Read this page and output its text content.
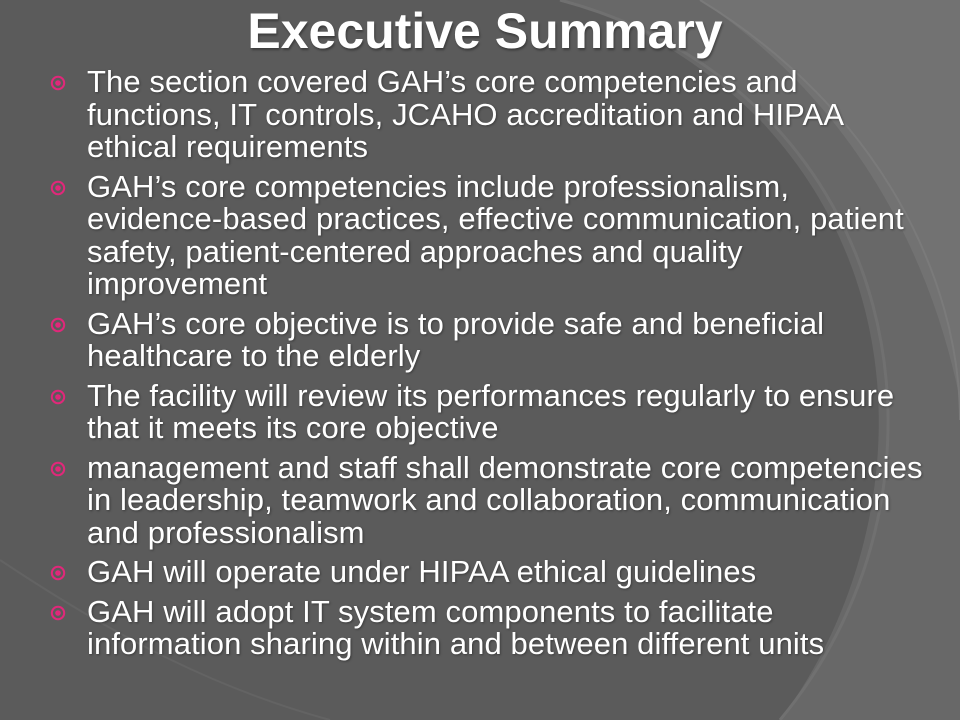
Executive Summary
The section covered GAH’s core competencies and functions, IT controls, JCAHO accreditation and HIPAA ethical requirements
GAH’s core competencies include professionalism, evidence-based practices, effective communication, patient safety, patient-centered approaches and quality improvement
GAH’s core objective is to provide safe and beneficial healthcare to the elderly
The facility will review its performances regularly to ensure that it meets its core objective
management and staff shall demonstrate core competencies in leadership, teamwork and collaboration, communication and professionalism
GAH will operate under HIPAA ethical guidelines
GAH will adopt IT system components to facilitate information sharing within and between different units
